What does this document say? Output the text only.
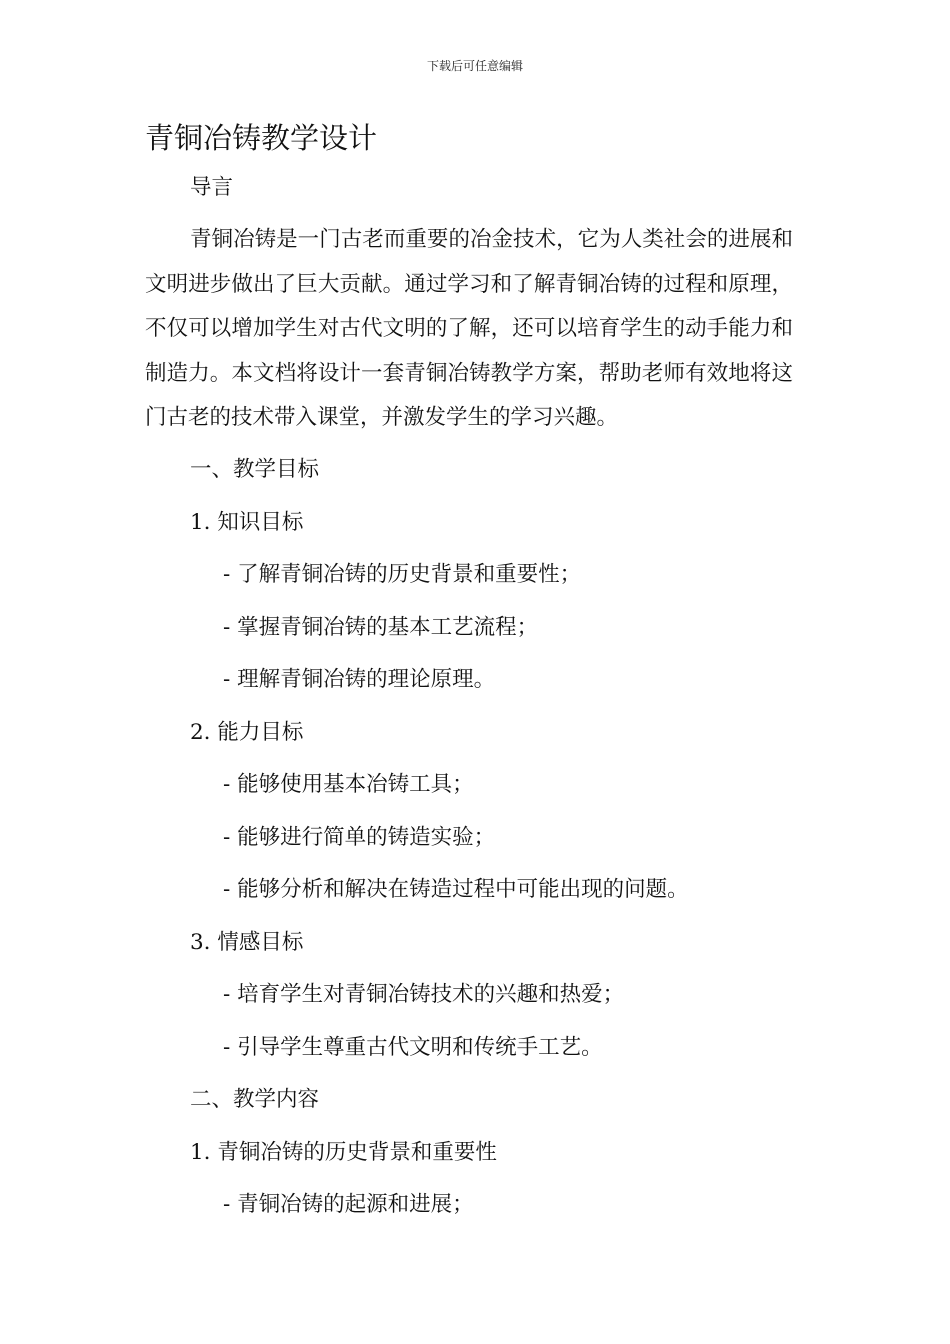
下载后可任意编辑
青铜冶铸教学设计
导言

青铜冶铸是一门古老而重要的冶金技术，它为人类社会的进展和文明进步做出了巨大贡献。通过学习和了解青铜冶铸的过程和原理，不仅可以增加学生对古代文明的了解，还可以培育学生的动手能力和制造力。本文档将设计一套青铜冶铸教学方案，帮助老师有效地将这门古老的技术带入课堂，并激发学生的学习兴趣。

一、教学目标
1. 知识目标
- 了解青铜冶铸的历史背景和重要性；
- 掌握青铜冶铸的基本工艺流程；
- 理解青铜冶铸的理论原理。
2. 能力目标
- 能够使用基本冶铸工具；
- 能够进行简单的铸造实验；
- 能够分析和解决在铸造过程中可能出现的问题。
3. 情感目标
- 培育学生对青铜冶铸技术的兴趣和热爱；
- 引导学生尊重古代文明和传统手工艺。
二、教学内容
1. 青铜冶铸的历史背景和重要性
- 青铜冶铸的起源和进展；
